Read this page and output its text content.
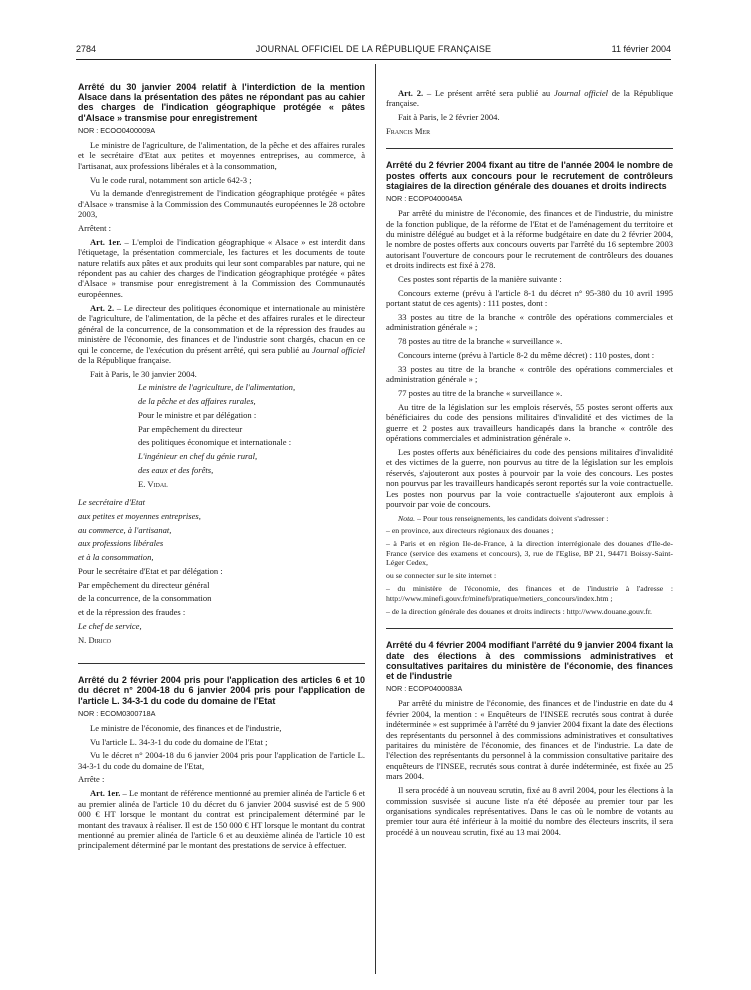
2784	JOURNAL OFFICIEL DE LA RÉPUBLIQUE FRANÇAISE	11 février 2004

Arrêté du 30 janvier 2004 relatif à l'interdiction de la mention Alsace dans la présentation des pâtes ne répondant pas au cahier des charges de l'indication géographique protégée « pâtes d'Alsace » transmise pour enregistrement

NOR : ECOO0400009A

Le ministre de l'agriculture, de l'alimentation, de la pêche et des affaires rurales et le secrétaire d'Etat aux petites et moyennes entreprises, au commerce, à l'artisanat, aux professions libérales et à la consommation,

Vu le code rural, notamment son article 642-3 ;

Vu la demande d'enregistrement de l'indication géographique protégée « pâtes d'Alsace » transmise à la Commission des Communautés européennes le 28 octobre 2003,

Arrêtent :

Art. 1er. – L'emploi de l'indication géographique « Alsace » est interdit dans l'étiquetage, la présentation commerciale, les factures et les documents de toute nature relatifs aux pâtes et aux produits qui leur sont comparables par nature, qui ne répondent pas au cahier des charges de l'indication géographique protégée « pâtes d'Alsace » transmise pour enregistrement à la Commission des Communautés européennes.

Art. 2. – Le directeur des politiques économique et internationale au ministère de l'agriculture, de l'alimentation, de la pêche et des affaires rurales et le directeur général de la concurrence, de la consommation et de la répression des fraudes au ministère de l'économie, des finances et de l'industrie sont chargés, chacun en ce qui le concerne, de l'exécution du présent arrêté, qui sera publié au Journal officiel de la République française.

Fait à Paris, le 30 janvier 2004.

Le ministre de l'agriculture, de l'alimentation,

de la pêche et des affaires rurales,

Pour le ministre et par délégation :

Par empêchement du directeur

des politiques économique et internationale :

L'ingénieur en chef du génie rural,

des eaux et des forêts,

E. Vidal

Le secrétaire d'Etat

aux petites et moyennes entreprises,

au commerce, à l'artisanat,

aux professions libérales

et à la consommation,

Pour le secrétaire d'Etat et par délégation :

Par empêchement du directeur général

de la concurrence, de la consommation

et de la répression des fraudes :

Le chef de service,

N. Dirico

Arrêté du 2 février 2004 pris pour l'application des articles 6 et 10 du décret n° 2004-18 du 6 janvier 2004 pris pour l'application de l'article L. 34-3-1 du code du domaine de l'Etat

NOR : ECOM0300718A

Le ministre de l'économie, des finances et de l'industrie,

Vu l'article L. 34-3-1 du code du domaine de l'Etat ;

Vu le décret n° 2004-18 du 6 janvier 2004 pris pour l'application de l'article L. 34-3-1 du code du domaine de l'Etat,

Arrête :

Art. 1er. – Le montant de référence mentionné au premier alinéa de l'article 6 et au premier alinéa de l'article 10 du décret du 6 janvier 2004 susvisé est de 5 900 000 € HT lorsque le montant du contrat est principalement déterminé par le montant des travaux à réaliser. Il est de 150 000 € HT lorsque le montant du contrat mentionné au premier alinéa de l'article 6 et au deuxième alinéa de l'article 10 est principalement déterminé par le montant des prestations de service à effectuer.

Art. 2. – Le présent arrêté sera publié au Journal officiel de la République française.

Fait à Paris, le 2 février 2004.

Francis Mer

Arrêté du 2 février 2004 fixant au titre de l'année 2004 le nombre de postes offerts aux concours pour le recrutement de contrôleurs stagiaires de la direction générale des douanes et droits indirects

NOR : ECOP0400045A

Par arrêté du ministre de l'économie, des finances et de l'industrie, du ministre de la fonction publique, de la réforme de l'Etat et de l'aménagement du territoire et du ministre délégué au budget et à la réforme budgétaire en date du 2 février 2004, le nombre de postes offerts aux concours ouverts par l'arrêté du 16 septembre 2003 autorisant l'ouverture de concours pour le recrutement de contrôleurs des douanes et droits indirects est fixé à 278.

Ces postes sont répartis de la manière suivante :

Concours externe (prévu à l'article 8-1 du décret n° 95-380 du 10 avril 1995 portant statut de ces agents) : 111 postes, dont :

33 postes au titre de la branche « contrôle des opérations commerciales et administration générale » ;

78 postes au titre de la branche « surveillance ».

Concours interne (prévu à l'article 8-2 du même décret) : 110 postes, dont :

33 postes au titre de la branche « contrôle des opérations commerciales et administration générale » ;

77 postes au titre de la branche « surveillance ».

Au titre de la législation sur les emplois réservés, 55 postes seront offerts aux bénéficiaires du code des pensions militaires d'invalidité et des victimes de la guerre et 2 postes aux travailleurs handicapés dans la branche « contrôle des opérations commerciales et administration générale ».

Les postes offerts aux bénéficiaires du code des pensions militaires d'invalidité et des victimes de la guerre, non pourvus au titre de la législation sur les emplois réservés, s'ajouteront aux postes à pourvoir par la voie des concours. Les postes non pourvus par les travailleurs handicapés seront reportés sur la voie contractuelle. Les postes non pourvus par la voie contractuelle s'ajouteront aux emplois à pourvoir par voie de concours.

Nota. – Pour tous renseignements, les candidats doivent s'adresser :

– en province, aux directeurs régionaux des douanes ;

– à Paris et en région Ile-de-France, à la direction interrégionale des douanes d'Ile-de-France (service des examens et concours), 3, rue de l'Eglise, BP 21, 94471 Boissy-Saint-Léger Cedex,

ou se connecter sur le site internet :

– du ministère de l'économie, des finances et de l'industrie à l'adresse : http://www.minefi.gouv.fr/minefi/pratique/metiers_concours/index.htm ;

– de la direction générale des douanes et droits indirects : http://www.douane.gouv.fr.

Arrêté du 4 février 2004 modifiant l'arrêté du 9 janvier 2004 fixant la date des élections à des commissions administratives et consultatives paritaires du ministère de l'économie, des finances et de l'industrie

NOR : ECOP0400083A

Par arrêté du ministre de l'économie, des finances et de l'industrie en date du 4 février 2004, la mention : « Enquêteurs de l'INSEE recrutés sous contrat à durée indéterminée » est supprimée à l'arrêté du 9 janvier 2004 fixant la date des élections des représentants du personnel à des commissions administratives et consultatives paritaires du ministère de l'économie, des finances et de l'industrie. La date de l'élection des représentants du personnel à la commission consultative paritaire des enquêteurs de l'INSEE, recrutés sous contrat à durée indéterminée, est fixée au 25 mars 2004.

Il sera procédé à un nouveau scrutin, fixé au 8 avril 2004, pour les élections à la commission susvisée si aucune liste n'a été déposée au premier tour par les organisations syndicales représentatives. Dans le cas où le nombre de votants au premier tour aura été inférieur à la moitié du nombre des électeurs inscrits, il sera procédé à un nouveau scrutin, fixé au 13 mai 2004.
